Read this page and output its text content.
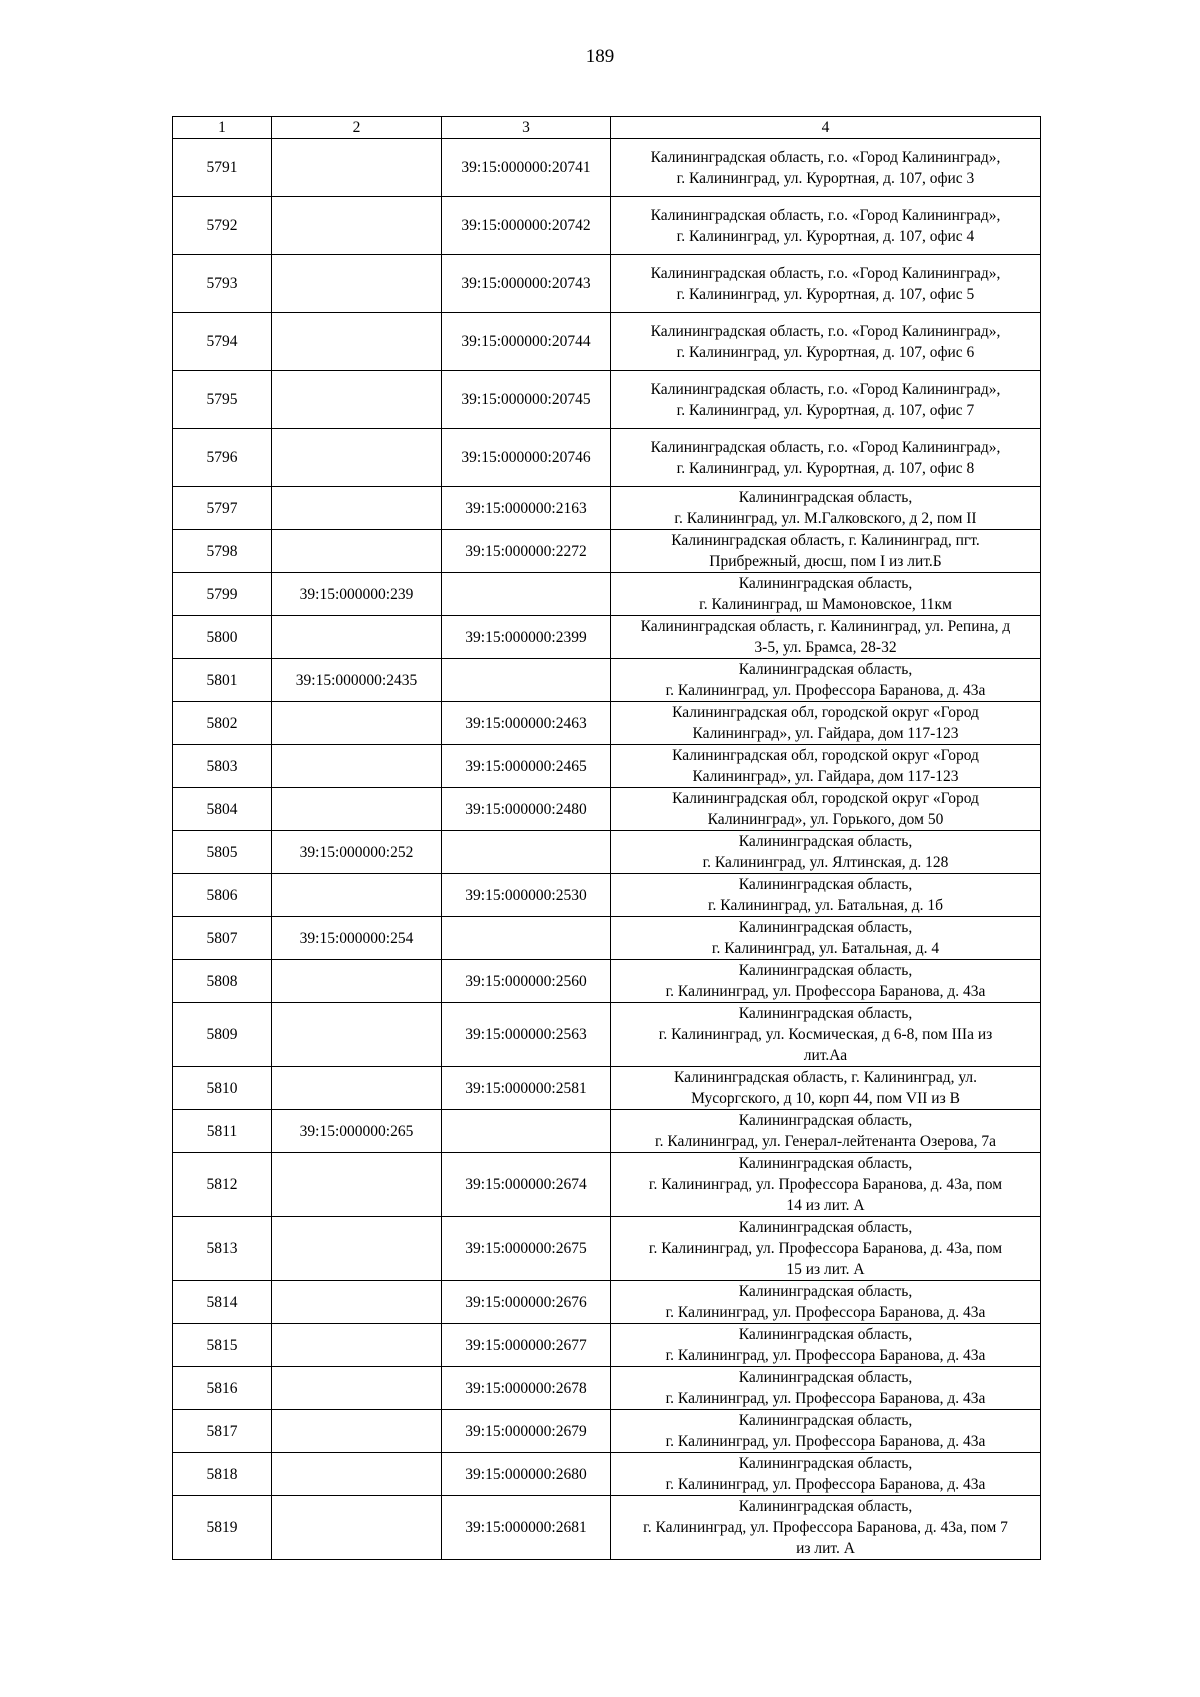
189
1	2	3	4
5791		39:15:000000:20741	Калининградская область, г.о. «Город Калининград»,
г. Калининград, ул. Курортная, д. 107, офис 3

5792		39:15:000000:20742	Калининградская область, г.о. «Город Калининград»,
г. Калининград, ул. Курортная, д. 107, офис 4

5793		39:15:000000:20743	Калининградская область, г.о. «Город Калининград»,
г. Калининград, ул. Курортная, д. 107, офис 5

5794		39:15:000000:20744	Калининградская область, г.о. «Город Калининград»,
г. Калининград, ул. Курортная, д. 107, офис 6

5795		39:15:000000:20745	Калининградская область, г.о. «Город Калининград»,
г. Калининград, ул. Курортная, д. 107, офис 7

5796		39:15:000000:20746	Калининградская область, г.о. «Город Калининград»,
г. Калининград, ул. Курортная, д. 107, офис 8

5797		39:15:000000:2163	Калининградская область,
г. Калининград, ул. М.Галковского, д 2, пом II

5798		39:15:000000:2272	Калининградская область, г. Калининград, пгт.
Прибрежный, дюсш, пом I из лит.Б

5799	39:15:000000:239		Калининградская область,
г. Калининград, ш Мамоновское, 11км

5800		39:15:000000:2399	Калининградская область, г. Калининград, ул. Репина, д
3-5, ул. Брамса, 28-32

5801	39:15:000000:2435		Калининградская область,
г. Калининград, ул. Профессора Баранова, д. 43а

5802		39:15:000000:2463	Калининградская обл, городской округ «Город
Калининград», ул. Гайдара, дом 117-123

5803		39:15:000000:2465	Калининградская обл, городской округ «Город
Калининград», ул. Гайдара, дом 117-123

5804		39:15:000000:2480	Калининградская обл, городской округ «Город
Калининград», ул. Горького, дом 50

5805	39:15:000000:252		Калининградская область,
г. Калининград, ул. Ялтинская, д. 128

5806		39:15:000000:2530	Калининградская область,
г. Калининград, ул. Батальная, д. 1б

5807	39:15:000000:254		Калининградская область,
г. Калининград, ул. Батальная, д. 4

5808		39:15:000000:2560	Калининградская область,
г. Калининград, ул. Профессора Баранова, д. 43а

5809		39:15:000000:2563	Калининградская область,
г. Калининград, ул. Космическая, д 6-8, пом IIIа из
лит.Аа

5810		39:15:000000:2581	Калининградская область, г. Калининград, ул.
Мусоргского, д 10, корп 44, пом VII из В

5811	39:15:000000:265		Калининградская область,
г. Калининград, ул. Генерал-лейтенанта Озерова, 7а

5812		39:15:000000:2674	Калининградская область,
г. Калининград, ул. Профессора Баранова, д. 43а, пом
14 из лит. А

5813		39:15:000000:2675	Калининградская область,
г. Калининград, ул. Профессора Баранова, д. 43а, пом
15 из лит. А

5814		39:15:000000:2676	Калининградская область,
г. Калининград, ул. Профессора Баранова, д. 43а

5815		39:15:000000:2677	Калининградская область,
г. Калининград, ул. Профессора Баранова, д. 43а

5816		39:15:000000:2678	Калининградская область,
г. Калининград, ул. Профессора Баранова, д. 43а

5817		39:15:000000:2679	Калининградская область,
г. Калининград, ул. Профессора Баранова, д. 43а

5818		39:15:000000:2680	Калининградская область,
г. Калининград, ул. Профессора Баранова, д. 43а

5819		39:15:000000:2681	Калининградская область,
г. Калининград, ул. Профессора Баранова, д. 43а, пом 7
из лит. А
